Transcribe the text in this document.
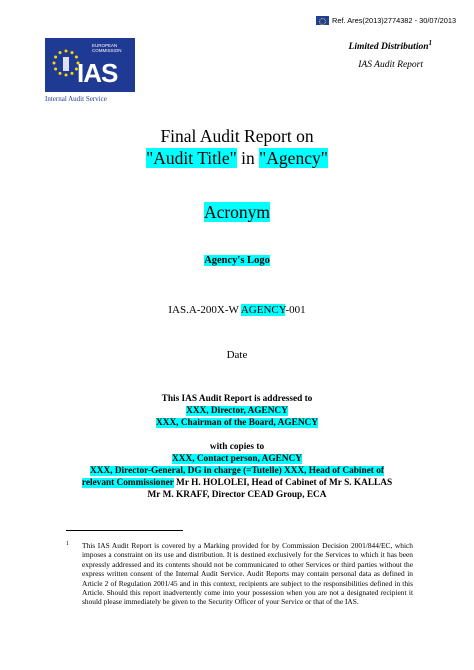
Ref. Ares(2013)2774382 - 30/07/2013
Limited Distribution$^1$
IAS Audit Report
EUROPEAN
COMMISSION
IAS
Internal Audit Service
Final Audit Report on
"Audit Title" in "Agency"
Acronym
Agency's Logo
IAS.A-200X-W AGENCY-001
Date
This IAS Audit Report is addressed to
XXX, Director, AGENCY
XXX, Chairman of the Board, AGENCY
with copies to
XXX, Contact person, AGENCY
XXX, Director-General, DG in charge (=Tutelle) XXX, Head of Cabinet of
relevant Commissioner Mr H. HOLOLEI, Head of Cabinet of Mr S. KALLAS
Mr M. KRAFF, Director CEAD Group, ECA
1 This IAS Audit Report is covered by a Marking provided for by Commission Decision 2001/844/EC, which imposes a constraint on its use and distribution. It is destined exclusively for the Services to which it has been expressly addressed and its contents should not be communicated to other Services or third parties without the express written consent of the Internal Audit Service. Audit Reports may contain personal data as defined in Article 2 of Regulation 2001/45 and in this context, recipients are subject to the responsibilities defined in this Article. Should this report inadvertently come into your possession when you are not a designated recipient it should please immediately be given to the Security Officer of your Service or that of the IAS.
